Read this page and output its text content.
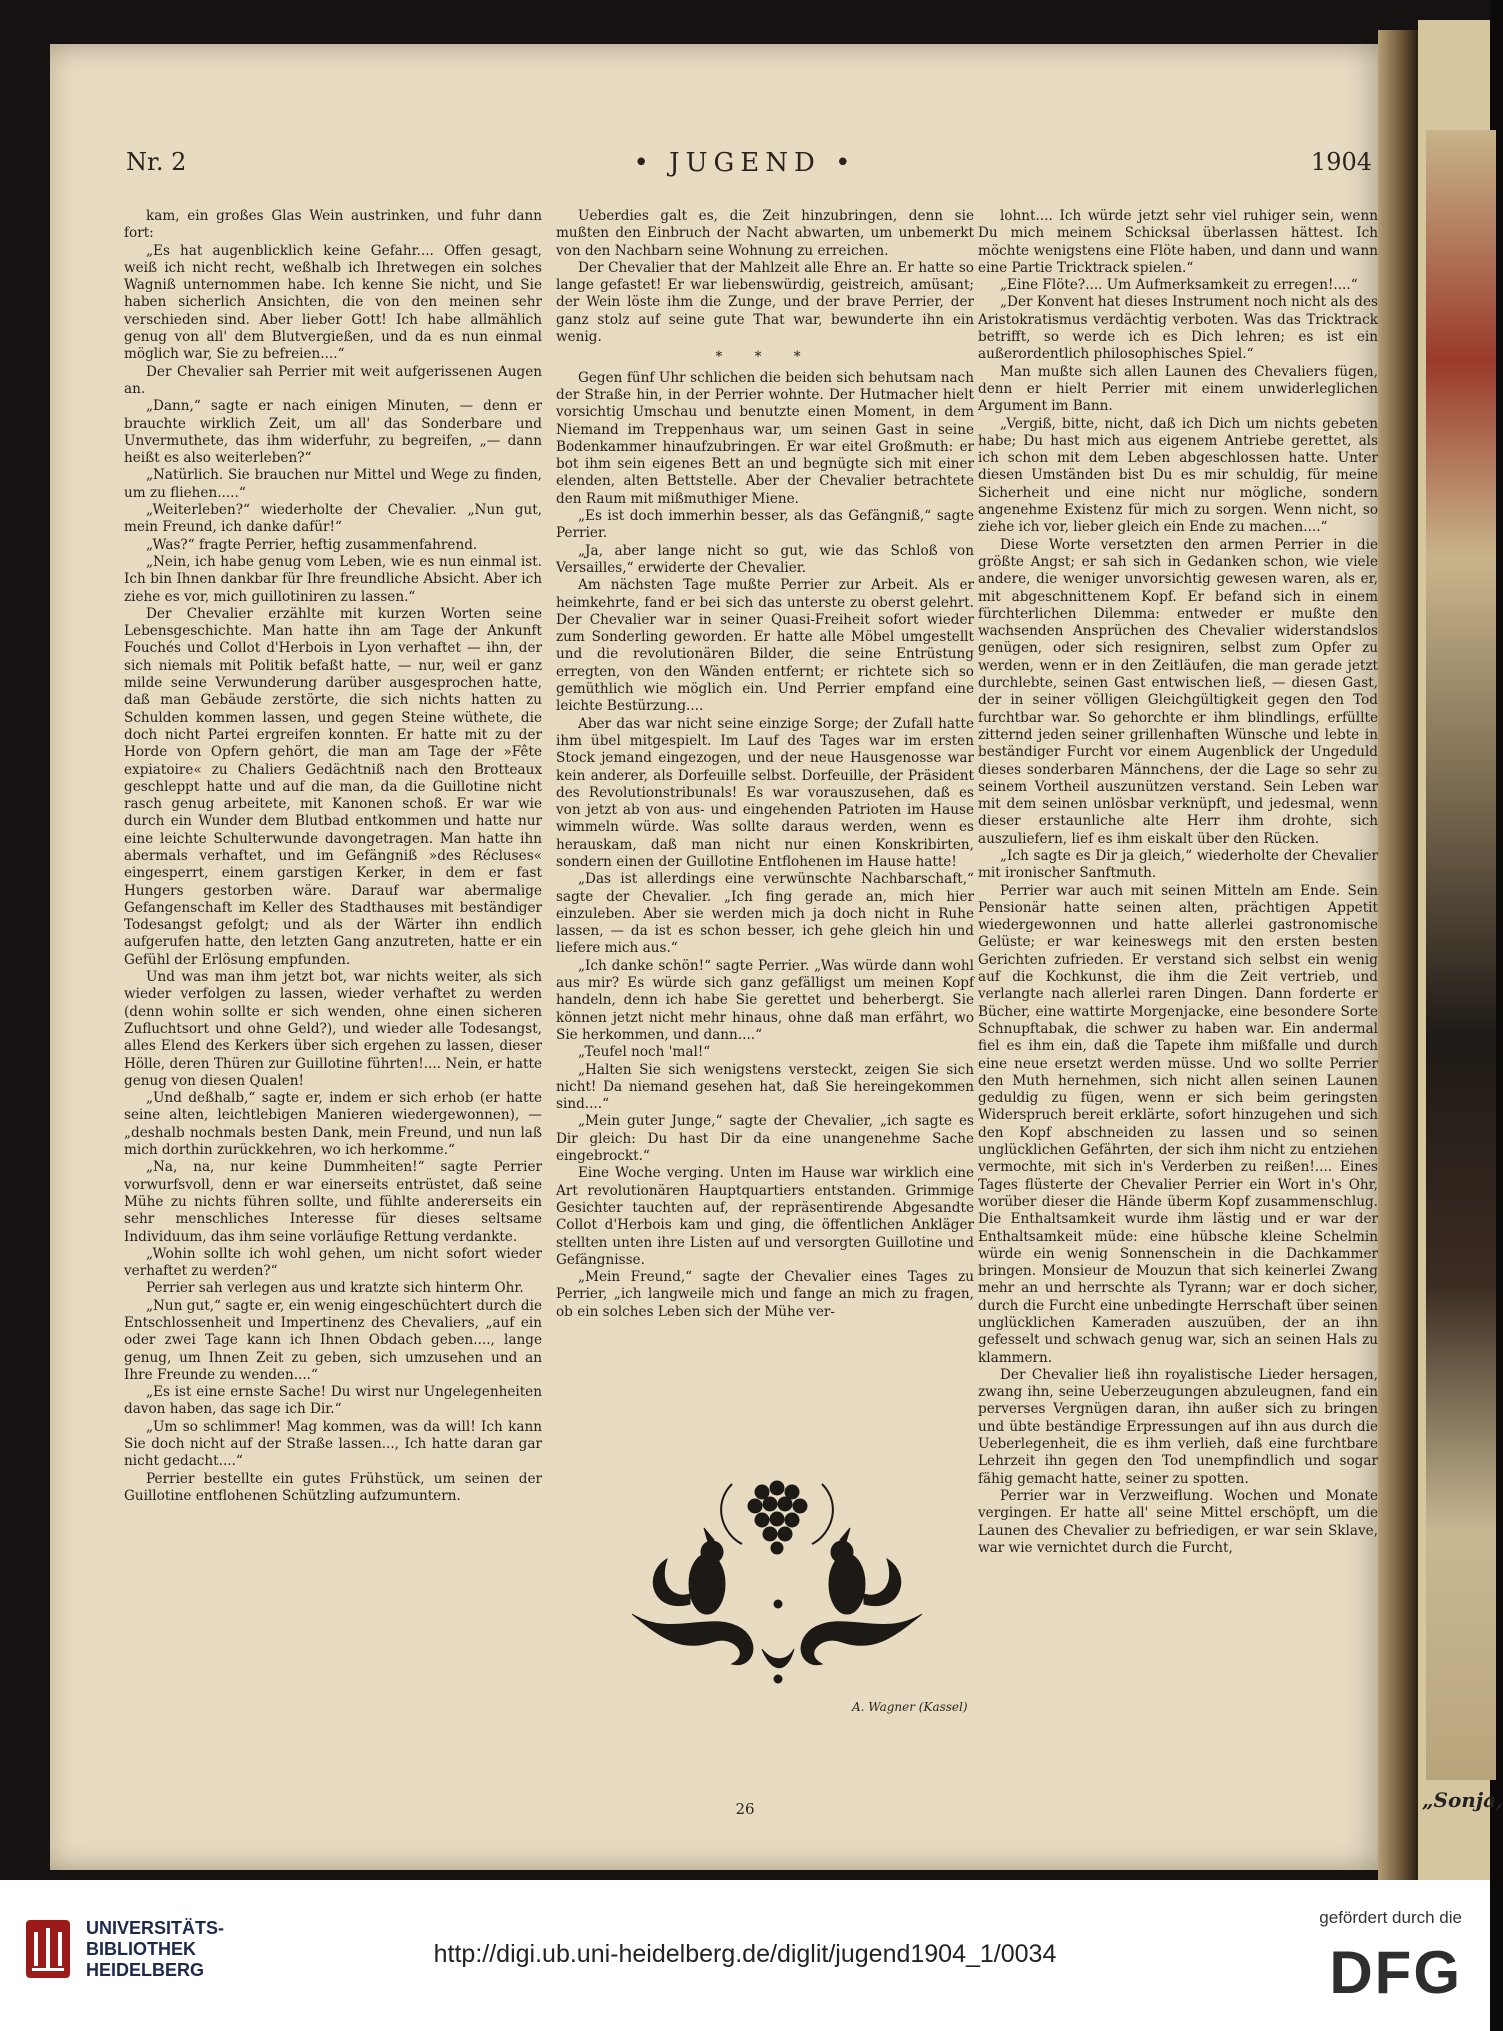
„Sonja,
Nr. 2	• JUGEND •	1904

kam, ein großes Glas Wein austrinken, und fuhr dann fort:

„Es hat augenblicklich keine Gefahr.... Offen gesagt, weiß ich nicht recht, weßhalb ich Ihretwegen ein solches Wagniß unternommen habe. Ich kenne Sie nicht, und Sie haben sicherlich Ansichten, die von den meinen sehr verschieden sind. Aber lieber Gott! Ich habe allmählich genug von all' dem Blutvergießen, und da es nun einmal möglich war, Sie zu befreien....“

Der Chevalier sah Perrier mit weit aufgerissenen Augen an.

„Dann,“ sagte er nach einigen Minuten, — denn er brauchte wirklich Zeit, um all' das Sonderbare und Unvermuthete, das ihm widerfuhr, zu begreifen, „— dann heißt es also weiterleben?“

„Natürlich. Sie brauchen nur Mittel und Wege zu finden, um zu fliehen.....“

„Weiterleben?“ wiederholte der Chevalier. „Nun gut, mein Freund, ich danke dafür!“

„Was?“ fragte Perrier, heftig zusammenfahrend.

„Nein, ich habe genug vom Leben, wie es nun einmal ist. Ich bin Ihnen dankbar für Ihre freundliche Absicht. Aber ich ziehe es vor, mich guillotiniren zu lassen.“

Der Chevalier erzählte mit kurzen Worten seine Lebensgeschichte. Man hatte ihn am Tage der Ankunft Fouchés und Collot d'Herbois in Lyon verhaftet — ihn, der sich niemals mit Politik befaßt hatte, — nur, weil er ganz milde seine Verwunderung darüber ausgesprochen hatte, daß man Gebäude zerstörte, die sich nichts hatten zu Schulden kommen lassen, und gegen Steine wüthete, die doch nicht Partei ergreifen konnten. Er hatte mit zu der Horde von Opfern gehört, die man am Tage der »Fête expiatoire« zu Chaliers Gedächtniß nach den Brotteaux geschleppt hatte und auf die man, da die Guillotine nicht rasch genug arbeitete, mit Kanonen schoß. Er war wie durch ein Wunder dem Blutbad entkommen und hatte nur eine leichte Schulterwunde davongetragen. Man hatte ihn abermals verhaftet, und im Gefängniß »des Récluses« eingesperrt, einem garstigen Kerker, in dem er fast Hungers gestorben wäre. Darauf war abermalige Gefangenschaft im Keller des Stadthauses mit beständiger Todesangst gefolgt; und als der Wärter ihn endlich aufgerufen hatte, den letzten Gang anzutreten, hatte er ein Gefühl der Erlösung empfunden.

Und was man ihm jetzt bot, war nichts weiter, als sich wieder verfolgen zu lassen, wieder verhaftet zu werden (denn wohin sollte er sich wenden, ohne einen sicheren Zufluchtsort und ohne Geld?), und wieder alle Todesangst, alles Elend des Kerkers über sich ergehen zu lassen, dieser Hölle, deren Thüren zur Guillotine führten!.... Nein, er hatte genug von diesen Qualen!

„Und deßhalb,“ sagte er, indem er sich erhob (er hatte seine alten, leichtlebigen Manieren wiedergewonnen), — „deshalb nochmals besten Dank, mein Freund, und nun laß mich dorthin zurückkehren, wo ich herkomme.“

„Na, na, nur keine Dummheiten!“ sagte Perrier vorwurfsvoll, denn er war einerseits entrüstet, daß seine Mühe zu nichts führen sollte, und fühlte andererseits ein sehr menschliches Interesse für dieses seltsame Individuum, das ihm seine vorläufige Rettung verdankte.

„Wohin sollte ich wohl gehen, um nicht sofort wieder verhaftet zu werden?“

Perrier sah verlegen aus und kratzte sich hinterm Ohr.

„Nun gut,“ sagte er, ein wenig eingeschüchtert durch die Entschlossenheit und Impertinenz des Chevaliers, „auf ein oder zwei Tage kann ich Ihnen Obdach geben...., lange genug, um Ihnen Zeit zu geben, sich umzusehen und an Ihre Freunde zu wenden....“

„Es ist eine ernste Sache! Du wirst nur Ungelegenheiten davon haben, das sage ich Dir.“

„Um so schlimmer! Mag kommen, was da will! Ich kann Sie doch nicht auf der Straße lassen..., Ich hatte daran gar nicht gedacht....“

Perrier bestellte ein gutes Frühstück, um seinen der Guillotine entflohenen Schützling aufzumuntern.

Ueberdies galt es, die Zeit hinzubringen, denn sie mußten den Einbruch der Nacht abwarten, um unbemerkt von den Nachbarn seine Wohnung zu erreichen.

Der Chevalier that der Mahlzeit alle Ehre an. Er hatte so lange gefastet! Er war liebenswürdig, geistreich, amüsant; der Wein löste ihm die Zunge, und der brave Perrier, der ganz stolz auf seine gute That war, bewunderte ihn ein wenig.

* * *

Gegen fünf Uhr schlichen die beiden sich behutsam nach der Straße hin, in der Perrier wohnte. Der Hutmacher hielt vorsichtig Umschau und benutzte einen Moment, in dem Niemand im Treppenhaus war, um seinen Gast in seine Bodenkammer hinaufzubringen. Er war eitel Großmuth: er bot ihm sein eigenes Bett an und begnügte sich mit einer elenden, alten Bettstelle. Aber der Chevalier betrachtete den Raum mit mißmuthiger Miene.

„Es ist doch immerhin besser, als das Gefängniß,“ sagte Perrier.

„Ja, aber lange nicht so gut, wie das Schloß von Versailles,“ erwiderte der Chevalier.

Am nächsten Tage mußte Perrier zur Arbeit. Als er heimkehrte, fand er bei sich das unterste zu oberst gelehrt. Der Chevalier war in seiner Quasi-Freiheit sofort wieder zum Sonderling geworden. Er hatte alle Möbel umgestellt und die revolutionären Bilder, die seine Entrüstung erregten, von den Wänden entfernt; er richtete sich so gemüthlich wie möglich ein. Und Perrier empfand eine leichte Bestürzung....

Aber das war nicht seine einzige Sorge; der Zufall hatte ihm übel mitgespielt. Im Lauf des Tages war im ersten Stock jemand eingezogen, und der neue Hausgenosse war kein anderer, als Dorfeuille selbst. Dorfeuille, der Präsident des Revolutionstribunals! Es war vorauszusehen, daß es von jetzt ab von aus- und eingehenden Patrioten im Hause wimmeln würde. Was sollte daraus werden, wenn es herauskam, daß man nicht nur einen Konskribirten, sondern einen der Guillotine Entflohenen im Hause hatte!

„Das ist allerdings eine verwünschte Nachbarschaft,“ sagte der Chevalier. „Ich fing gerade an, mich hier einzuleben. Aber sie werden mich ja doch nicht in Ruhe lassen, — da ist es schon besser, ich gehe gleich hin und liefere mich aus.“

„Ich danke schön!“ sagte Perrier. „Was würde dann wohl aus mir? Es würde sich ganz gefälligst um meinen Kopf handeln, denn ich habe Sie gerettet und beherbergt. Sie können jetzt nicht mehr hinaus, ohne daß man erfährt, wo Sie herkommen, und dann....“

„Teufel noch 'mal!“

„Halten Sie sich wenigstens versteckt, zeigen Sie sich nicht! Da niemand gesehen hat, daß Sie hereingekommen sind....“

„Mein guter Junge,“ sagte der Chevalier, „ich sagte es Dir gleich: Du hast Dir da eine unangenehme Sache eingebrockt.“

Eine Woche verging. Unten im Hause war wirklich eine Art revolutionären Hauptquartiers entstanden. Grimmige Gesichter tauchten auf, der repräsentirende Abgesandte Collot d'Herbois kam und ging, die öffentlichen Ankläger stellten unten ihre Listen auf und versorgten Guillotine und Gefängnisse.

„Mein Freund,“ sagte der Chevalier eines Tages zu Perrier, „ich langweile mich und fange an mich zu fragen, ob ein solches Leben sich der Mühe ver-

lohnt.... Ich würde jetzt sehr viel ruhiger sein, wenn Du mich meinem Schicksal überlassen hättest. Ich möchte wenigstens eine Flöte haben, und dann und wann eine Partie Tricktrack spielen.“

„Eine Flöte?.... Um Aufmerksamkeit zu erregen!....“

„Der Konvent hat dieses Instrument noch nicht als des Aristokratismus verdächtig verboten. Was das Tricktrack betrifft, so werde ich es Dich lehren; es ist ein außerordentlich philosophisches Spiel.“

Man mußte sich allen Launen des Chevaliers fügen, denn er hielt Perrier mit einem unwiderleglichen Argument im Bann.

„Vergiß, bitte, nicht, daß ich Dich um nichts gebeten habe; Du hast mich aus eigenem Antriebe gerettet, als ich schon mit dem Leben abgeschlossen hatte. Unter diesen Umständen bist Du es mir schuldig, für meine Sicherheit und eine nicht nur mögliche, sondern angenehme Existenz für mich zu sorgen. Wenn nicht, so ziehe ich vor, lieber gleich ein Ende zu machen....“

Diese Worte versetzten den armen Perrier in die größte Angst; er sah sich in Gedanken schon, wie viele andere, die weniger unvorsichtig gewesen waren, als er, mit abgeschnittenem Kopf. Er befand sich in einem fürchterlichen Dilemma: entweder er mußte den wachsenden Ansprüchen des Chevalier widerstandslos genügen, oder sich resigniren, selbst zum Opfer zu werden, wenn er in den Zeitläufen, die man gerade jetzt durchlebte, seinen Gast entwischen ließ, — diesen Gast, der in seiner völligen Gleichgültigkeit gegen den Tod furchtbar war. So gehorchte er ihm blindlings, erfüllte zitternd jeden seiner grillenhaften Wünsche und lebte in beständiger Furcht vor einem Augenblick der Ungeduld dieses sonderbaren Männchens, der die Lage so sehr zu seinem Vortheil auszunützen verstand. Sein Leben war mit dem seinen unlösbar verknüpft, und jedesmal, wenn dieser erstaunliche alte Herr ihm drohte, sich auszuliefern, lief es ihm eiskalt über den Rücken.

„Ich sagte es Dir ja gleich,“ wiederholte der Chevalier mit ironischer Sanftmuth.

Perrier war auch mit seinen Mitteln am Ende. Sein Pensionär hatte seinen alten, prächtigen Appetit wiedergewonnen und hatte allerlei gastronomische Gelüste; er war keineswegs mit den ersten besten Gerichten zufrieden. Er verstand sich selbst ein wenig auf die Kochkunst, die ihm die Zeit vertrieb, und verlangte nach allerlei raren Dingen. Dann forderte er Bücher, eine wattirte Morgenjacke, eine besondere Sorte Schnupftabak, die schwer zu haben war. Ein andermal fiel es ihm ein, daß die Tapete ihm mißfalle und durch eine neue ersetzt werden müsse. Und wo sollte Perrier den Muth hernehmen, sich nicht allen seinen Launen geduldig zu fügen, wenn er sich beim geringsten Widerspruch bereit erklärte, sofort hinzugehen und sich den Kopf abschneiden zu lassen und so seinen unglücklichen Gefährten, der sich ihm nicht zu entziehen vermochte, mit sich in's Verderben zu reißen!.... Eines Tages flüsterte der Chevalier Perrier ein Wort in's Ohr, worüber dieser die Hände überm Kopf zusammenschlug. Die Enthaltsamkeit wurde ihm lästig und er war der Enthaltsamkeit müde: eine hübsche kleine Schelmin würde ein wenig Sonnenschein in die Dachkammer bringen. Monsieur de Mouzun that sich keinerlei Zwang mehr an und herrschte als Tyrann; war er doch sicher, durch die Furcht eine unbedingte Herrschaft über seinen unglücklichen Kameraden auszuüben, der an ihn gefesselt und schwach genug war, sich an seinen Hals zu klammern.

Der Chevalier ließ ihn royalistische Lieder hersagen, zwang ihn, seine Ueberzeugungen abzuleugnen, fand ein perverses Vergnügen daran, ihn außer sich zu bringen und übte beständige Erpressungen auf ihn aus durch die Ueberlegenheit, die es ihm verlieh, daß eine furchtbare Lehrzeit ihn gegen den Tod unempfindlich und sogar fähig gemacht hatte, seiner zu spotten.

Perrier war in Verzweiflung. Wochen und Monate vergingen. Er hatte all' seine Mittel erschöpft, um die Launen des Chevalier zu befriedigen, er war sein Sklave, war wie vernichtet durch die Furcht,

A. Wagner (Kassel)
26
UNIVERSITÄTS-
BIBLIOTHEK
HEIDELBERG
http://digi.ub.uni-heidelberg.de/diglit/jugend1904_1/0034
gefördert durch die
DFG
